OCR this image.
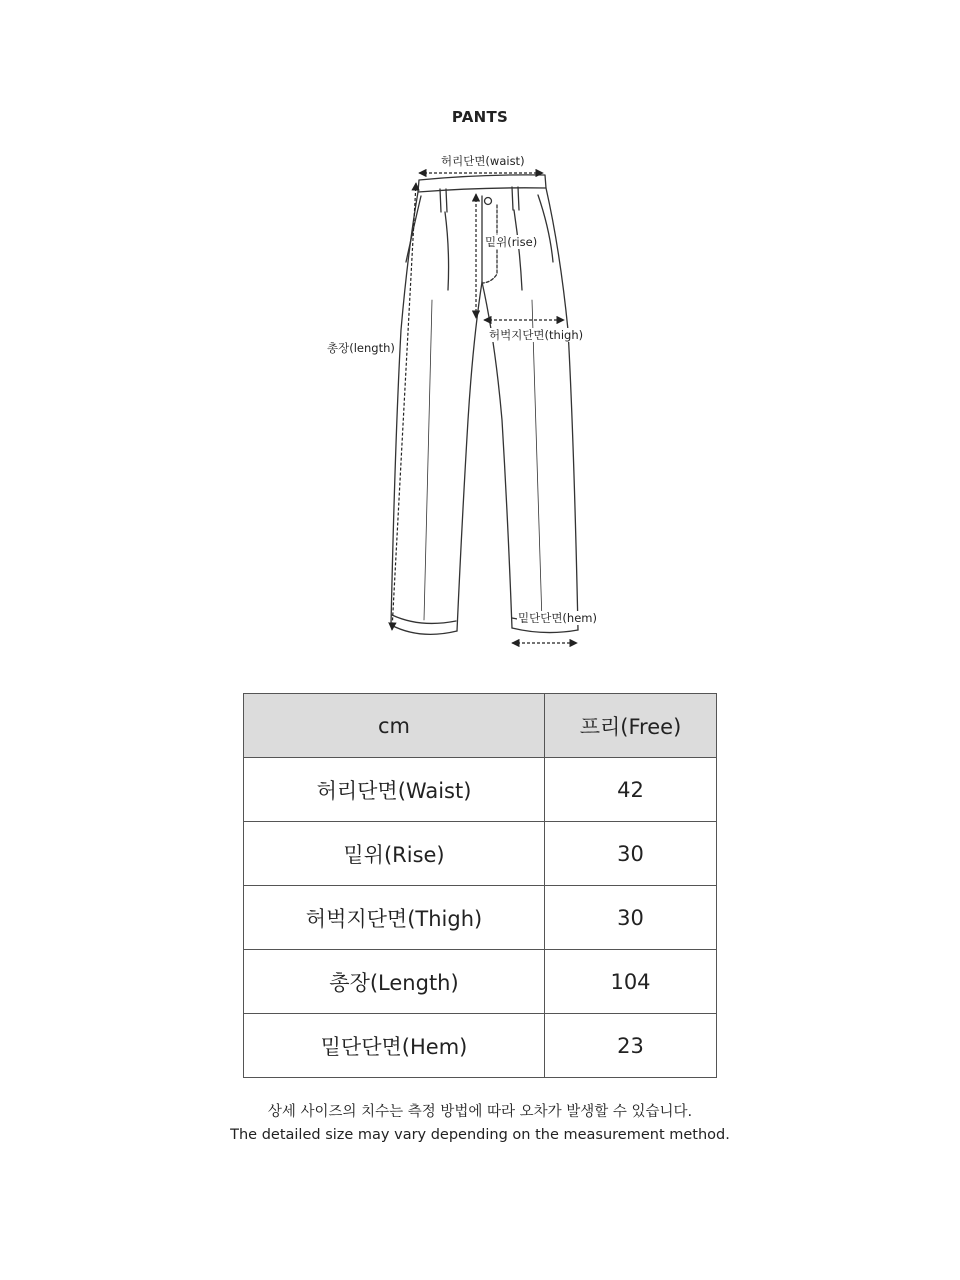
PANTS
허리단면(waist)
밑위(rise)
허벅지단면(thigh)
총장(length)
밑단단면(hem)
cm	프리(Free)
허리단면(Waist)	42
밑위(Rise)	30
허벅지단면(Thigh)	30
총장(Length)	104
밑단단면(Hem)	23
상세 사이즈의 치수는 측정 방법에 따라 오차가 발생할 수 있습니다.
The detailed size may vary depending on the measurement method.
